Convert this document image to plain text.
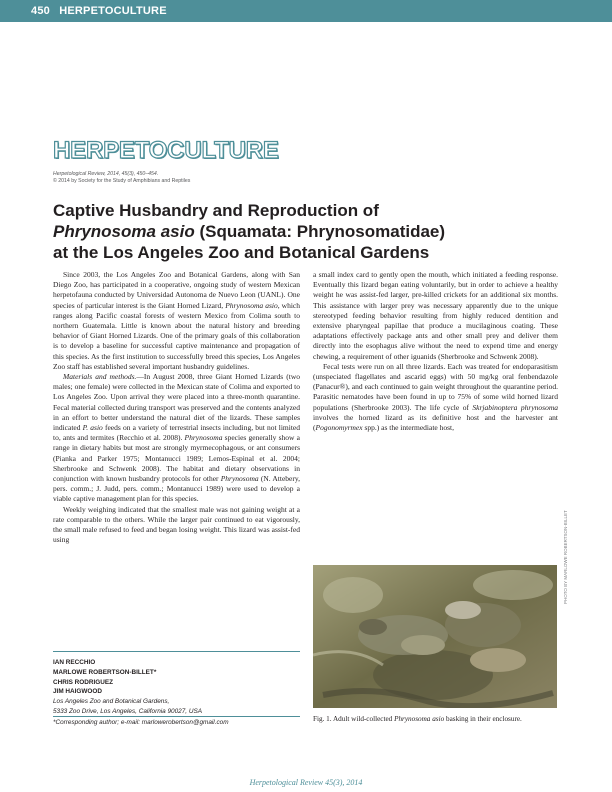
450 HERPETOCULTURE
HERPETOCULTURE
Herpetological Review, 2014, 45(3), 450–454.
© 2014 by Society for the Study of Amphibians and Reptiles
Captive Husbandry and Reproduction of
Phrynosoma asio (Squamata: Phrynosomatidae)
at the Los Angeles Zoo and Botanical Gardens

Since 2003, the Los Angeles Zoo and Botanical Gardens, along with San Diego Zoo, has participated in a cooperative, ongoing study of western Mexican herpetofauna conducted by Universidad Autonoma de Nuevo Leon (UANL). One species of particular interest is the Giant Horned Lizard, Phrynosoma asio, which ranges along Pacific coastal forests of western Mexico from Colima south to northern Guatemala. Little is known about the natural history and breeding behavior of Giant Horned Lizards. One of the primary goals of this collaboration is to develop a baseline for successful captive maintenance and propagation of this species. As the first institution to successfully breed this species, Los Angeles Zoo staff has established several important husbandry guidelines.

Materials and methods.—In August 2008, three Giant Horned Lizards (two males; one female) were collected in the Mexican state of Colima and exported to Los Angeles Zoo. Upon arrival they were placed into a three-month quarantine. Fecal material collected during transport was preserved and the contents analyzed in an effort to better understand the natural diet of the lizards. These samples indicated P. asio feeds on a variety of terrestrial insects including, but not limited to, ants and termites (Recchio et al. 2008). Phrynosoma species generally show a range in dietary habits but most are strongly myrmecophagous, or ant consumers (Pianka and Parker 1975; Montanucci 1989; Lemos-Espinal et al. 2004; Sherbrooke and Schwenk 2008). The habitat and dietary observations in conjunction with known husbandry protocols for other Phrynosoma (N. Attebery, pers. comm.; J. Judd, pers. comm.; Montanucci 1989) were used to develop a viable captive management plan for this species.

Weekly weighing indicated that the smallest male was not gaining weight at a rate comparable to the others. While the larger pair continued to eat vigorously, the small male refused to feed and began losing weight. This lizard was assist-fed using

IAN RECCHIO
MARLOWE ROBERTSON-BILLET*
CHRIS RODRIGUEZ
JIM HAIGWOOD
Los Angeles Zoo and Botanical Gardens,
5333 Zoo Drive, Los Angeles, California 90027, USA
*Corresponding author; e-mail: marlowerobertson@gmail.com

a small index card to gently open the mouth, which initiated a feeding response. Eventually this lizard began eating voluntarily, but in order to achieve a healthy weight he was assist-fed larger, pre-killed crickets for an additional six months. This assistance with larger prey was necessary apparently due to the unique stereotyped feeding behavior resulting from highly reduced dentition and extensive pharyngeal papillae that produce a mucilaginous coating. These adaptations effectively package ants and other small prey and deliver them directly into the esophagus alive without the need to expend time and energy chewing, a requirement of other iguanids (Sherbrooke and Schwenk 2008).

Fecal tests were run on all three lizards. Each was treated for endoparasitism (unspeciated flagellates and ascarid eggs) with 50 mg/kg oral fenbendazole (Panacur®), and each continued to gain weight throughout the quarantine period. Parasitic nematodes have been found in up to 75% of some wild horned lizard populations (Sherbrooke 2003). The life cycle of Skrjabinoptera phrynosoma involves the horned lizard as its definitive host and the harvester ant (Pogonomyrmex spp.) as the intermediate host,

PHOTO BY MARLOWE ROBERTSON-BILLET
Fig. 1. Adult wild-collected Phrynosoma asio basking in their enclosure.
Herpetological Review 45(3), 2014
